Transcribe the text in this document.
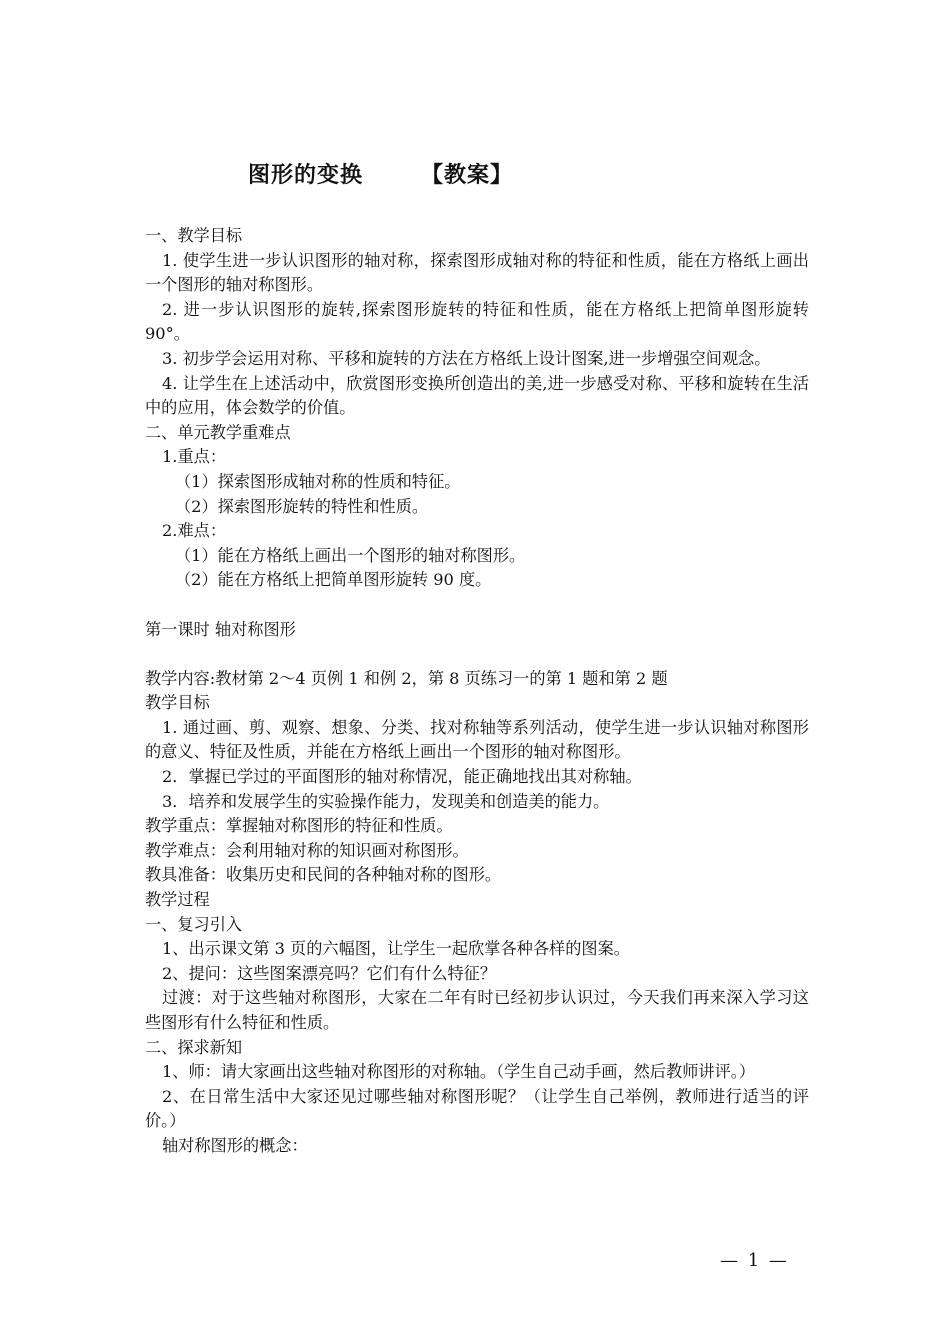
图形的变换	【教案】

一、教学目标

1. 使学生进一步认识图形的轴对称，探索图形成轴对称的特征和性质，能在方格纸上画出一个图形的轴对称图形。

2. 进一步认识图形的旋转,探索图形旋转的特征和性质，能在方格纸上把简单图形旋转 90°。

3. 初步学会运用对称、平移和旋转的方法在方格纸上设计图案,进一步增强空间观念。

4. 让学生在上述活动中，欣赏图形变换所创造出的美,进一步感受对称、平移和旋转在生活中的应用，体会数学的价值。

二、单元教学重难点

1.重点：

（1）探索图形成轴对称的性质和特征。

（2）探索图形旋转的特性和性质。

2.难点：

（1）能在方格纸上画出一个图形的轴对称图形。

（2）能在方格纸上把简单图形旋转 90 度。

第一课时 轴对称图形

教学内容:教材第 2～4 页例 1 和例 2，第 8 页练习一的第 1 题和第 2 题

教学目标

1. 通过画、剪、观察、想象、分类、找对称轴等系列活动，使学生进一步认识轴对称图形的意义、特征及性质，并能在方格纸上画出一个图形的轴对称图形。

2．掌握已学过的平面图形的轴对称情况，能正确地找出其对称轴。

3．培养和发展学生的实验操作能力，发现美和创造美的能力。

教学重点：掌握轴对称图形的特征和性质。

教学难点：会利用轴对称的知识画对称图形。

教具准备：收集历史和民间的各种轴对称的图形。

教学过程

一、复习引入

1、出示课文第 3 页的六幅图，让学生一起欣掌各种各样的图案。

2、提问：这些图案漂亮吗？它们有什么特征？

过渡：对于这些轴对称图形，大家在二年有时已经初步认识过，今天我们再来深入学习这些图形有什么特征和性质。

二、探求新知

1、师：请大家画出这些轴对称图形的对称轴。（学生自己动手画，然后教师讲评。）

2、在日常生活中大家还见过哪些轴对称图形呢？（让学生自己举例，教师进行适当的评价。）

轴对称图形的概念：

— 1 —
